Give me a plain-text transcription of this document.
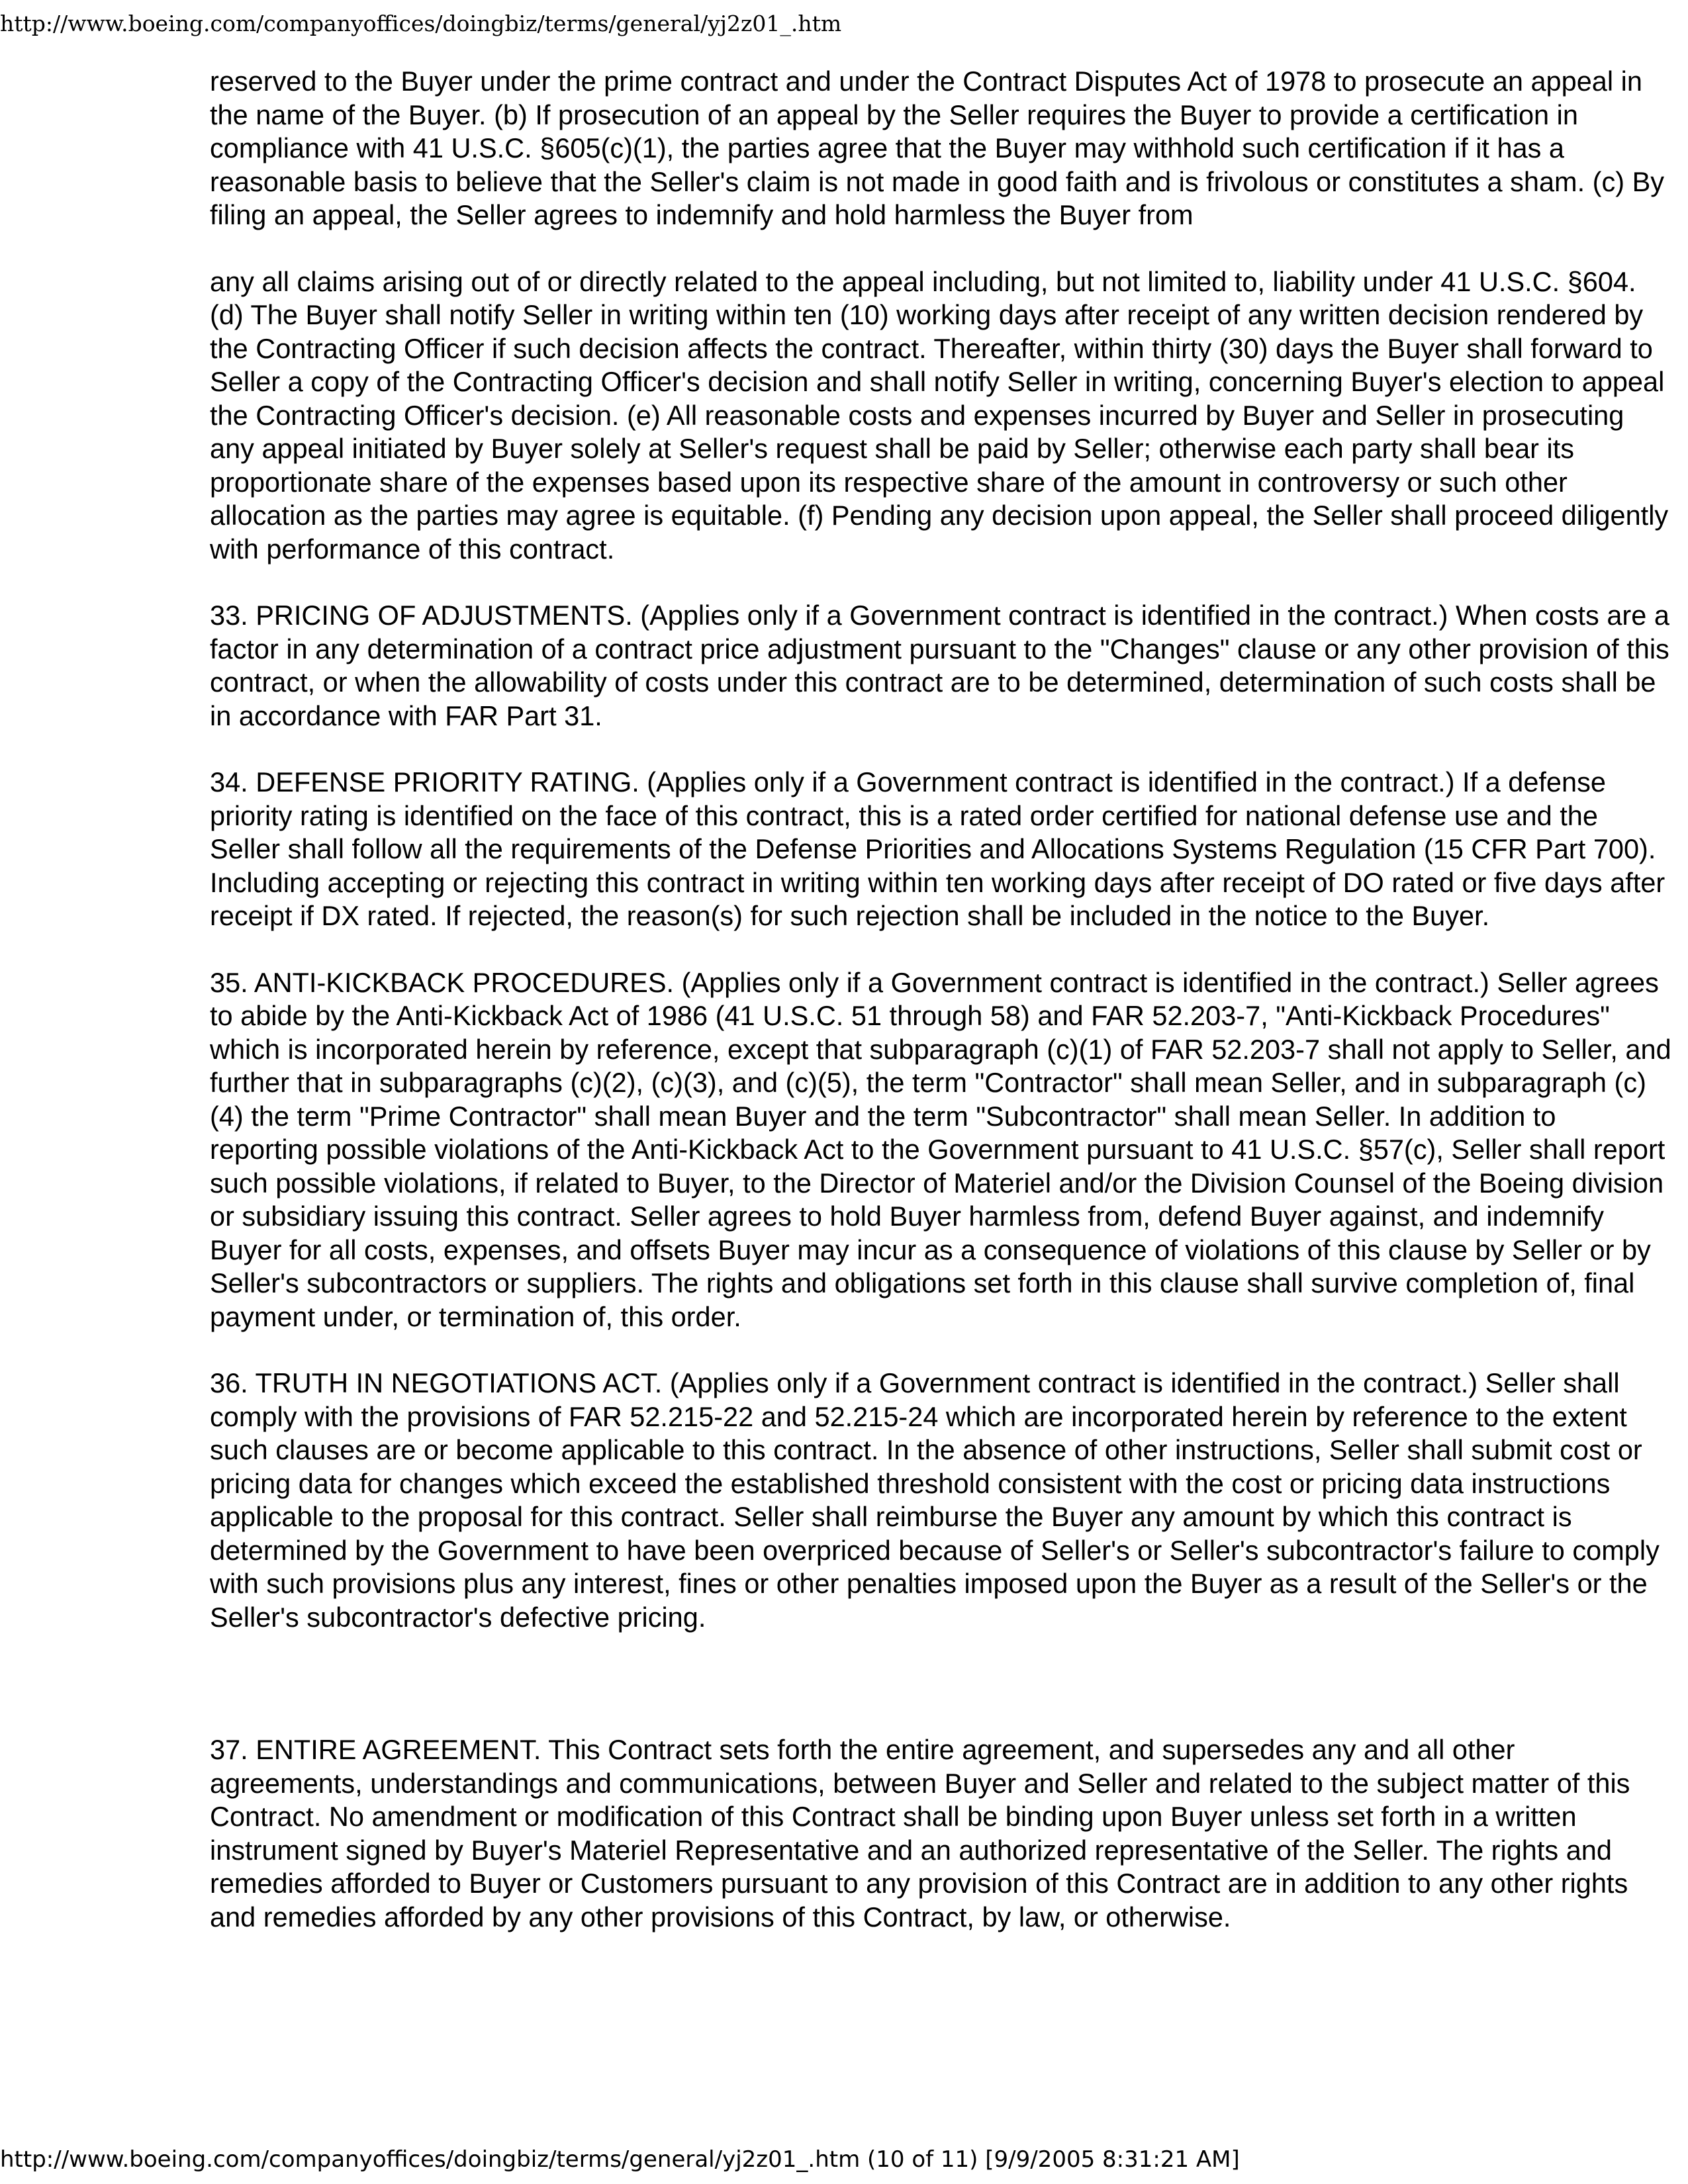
http://www.boeing.com/companyoffices/doingbiz/terms/general/yj2z01_.htm

reserved to the Buyer under the prime contract and under the Contract Disputes Act of 1978 to prosecute an appeal in the name of the Buyer. (b) If prosecution of an appeal by the Seller requires the Buyer to provide a certification in compliance with 41 U.S.C. §605(c)(1), the parties agree that the Buyer may withhold such certification if it has a reasonable basis to believe that the Seller's claim is not made in good faith and is frivolous or constitutes a sham. (c) By filing an appeal, the Seller agrees to indemnify and hold harmless the Buyer from

any all claims arising out of or directly related to the appeal including, but not limited to, liability under 41 U.S.C. §604. (d) The Buyer shall notify Seller in writing within ten (10) working days after receipt of any written decision rendered by the Contracting Officer if such decision affects the contract. Thereafter, within thirty (30) days the Buyer shall forward to Seller a copy of the Contracting Officer's decision and shall notify Seller in writing, concerning Buyer's election to appeal the Contracting Officer's decision. (e) All reasonable costs and expenses incurred by Buyer and Seller in prosecuting any appeal initiated by Buyer solely at Seller's request shall be paid by Seller; otherwise each party shall bear its proportionate share of the expenses based upon its respective share of the amount in controversy or such other allocation as the parties may agree is equitable. (f) Pending any decision upon appeal, the Seller shall proceed diligently with performance of this contract.

33. PRICING OF ADJUSTMENTS. (Applies only if a Government contract is identified in the contract.) When costs are a factor in any determination of a contract price adjustment pursuant to the "Changes" clause or any other provision of this contract, or when the allowability of costs under this contract are to be determined, determination of such costs shall be in accordance with FAR Part 31.

34. DEFENSE PRIORITY RATING. (Applies only if a Government contract is identified in the contract.) If a defense priority rating is identified on the face of this contract, this is a rated order certified for national defense use and the Seller shall follow all the requirements of the Defense Priorities and Allocations Systems Regulation (15 CFR Part 700). Including accepting or rejecting this contract in writing within ten working days after receipt of DO rated or five days after receipt if DX rated. If rejected, the reason(s) for such rejection shall be included in the notice to the Buyer.

35. ANTI-KICKBACK PROCEDURES. (Applies only if a Government contract is identified in the contract.) Seller agrees to abide by the Anti-Kickback Act of 1986 (41 U.S.C. 51 through 58) and FAR 52.203-7, "Anti-Kickback Procedures" which is incorporated herein by reference, except that subparagraph (c)(1) of FAR 52.203-7 shall not apply to Seller, and further that in subparagraphs (c)(2), (c)(3), and (c)(5), the term "Contractor" shall mean Seller, and in subparagraph (c)(4) the term "Prime Contractor" shall mean Buyer and the term "Subcontractor" shall mean Seller. In addition to reporting possible violations of the Anti-Kickback Act to the Government pursuant to 41 U.S.C. §57(c), Seller shall report such possible violations, if related to Buyer, to the Director of Materiel and/or the Division Counsel of the Boeing division or subsidiary issuing this contract. Seller agrees to hold Buyer harmless from, defend Buyer against, and indemnify Buyer for all costs, expenses, and offsets Buyer may incur as a consequence of violations of this clause by Seller or by Seller's subcontractors or suppliers. The rights and obligations set forth in this clause shall survive completion of, final payment under, or termination of, this order.

36. TRUTH IN NEGOTIATIONS ACT. (Applies only if a Government contract is identified in the contract.) Seller shall comply with the provisions of FAR 52.215-22 and 52.215-24 which are incorporated herein by reference to the extent such clauses are or become applicable to this contract. In the absence of other instructions, Seller shall submit cost or pricing data for changes which exceed the established threshold consistent with the cost or pricing data instructions applicable to the proposal for this contract. Seller shall reimburse the Buyer any amount by which this contract is determined by the Government to have been overpriced because of Seller's or Seller's subcontractor's failure to comply with such provisions plus any interest, fines or other penalties imposed upon the Buyer as a result of the Seller's or the Seller's subcontractor's defective pricing.

37. ENTIRE AGREEMENT. This Contract sets forth the entire agreement, and supersedes any and all other agreements, understandings and communications, between Buyer and Seller and related to the subject matter of this Contract. No amendment or modification of this Contract shall be binding upon Buyer unless set forth in a written instrument signed by Buyer's Materiel Representative and an authorized representative of the Seller. The rights and remedies afforded to Buyer or Customers pursuant to any provision of this Contract are in addition to any other rights and remedies afforded by any other provisions of this Contract, by law, or otherwise.

http://www.boeing.com/companyoffices/doingbiz/terms/general/yj2z01_.htm (10 of 11) [9/9/2005 8:31:21 AM]
